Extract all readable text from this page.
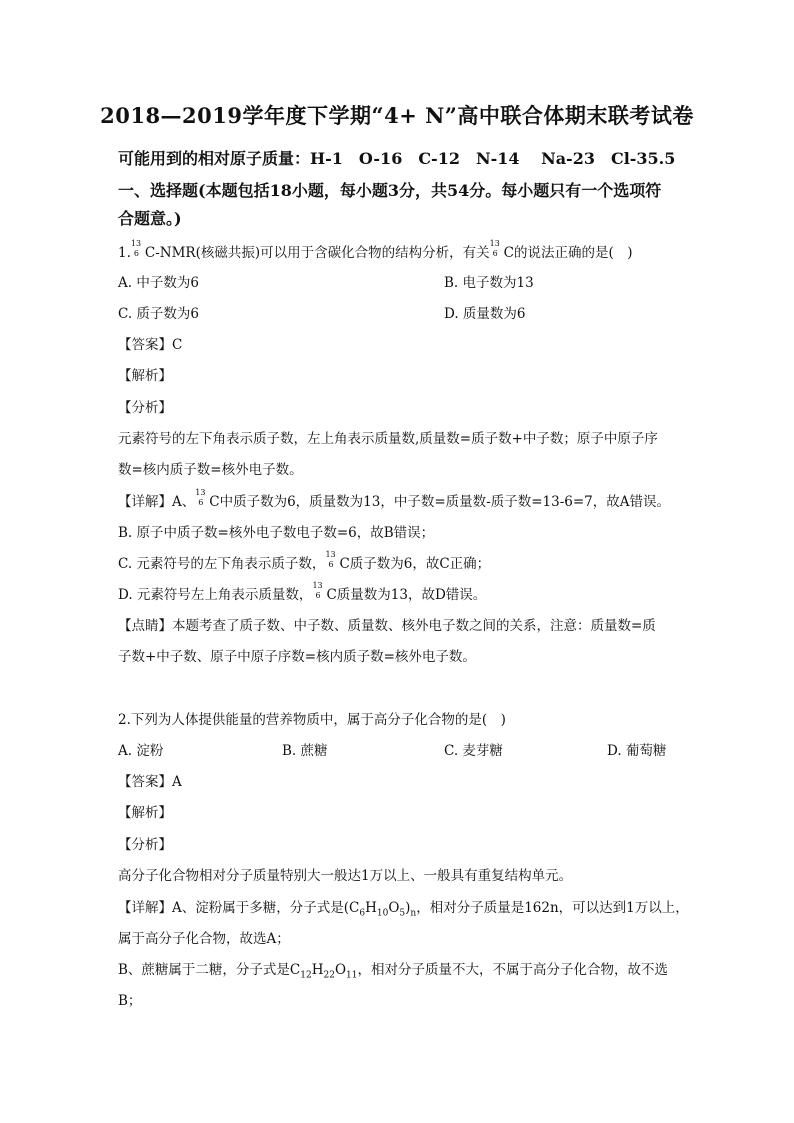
2018—2019学年度下学期“4+ N”高中联合体期末联考试卷
可能用到的相对原子质量：H-1　O-16　C-12　N-14　 Na-23　Cl-35.5
一、选择题(本题包括18小题，每小题3分，共54分。每小题只有一个选项符
合题意。)
1.
13
6 C-NMR(核磁共振)可以用于含碳化合物的结构分析，有关
13
6 C的说法正确的是(　)
A. 中子数为6	B. 电子数为13
C. 质子数为6	D. 质量数为6
【答案】C
【解析】
【分析】
元素符号的左下角表示质子数，左上角表示质量数,质量数=质子数+中子数；原子中原子序
数=核内质子数=核外电子数。
【详解】A、
13
6 C中质子数为6，质量数为13，中子数=质量数-质子数=13-6=7，故A错误。
B. 原子中质子数=核外电子数电子数=6，故B错误；
C. 元素符号的左下角表示质子数，
13
6 C质子数为6，故C正确；
D. 元素符号左上角表示质量数，
13
6 C质量数为13，故D错误。
【点睛】本题考查了质子数、中子数、质量数、核外电子数之间的关系，注意：质量数=质
子数+中子数、原子中原子序数=核内质子数=核外电子数。
2.下列为人体提供能量的营养物质中，属于高分子化合物的是(　)
A. 淀粉	B. 蔗糖	C. 麦芽糖	D. 葡萄糖
【答案】A
【解析】
【分析】
高分子化合物相对分子质量特别大一般达1万以上、一般具有重复结构单元。
【详解】A、淀粉属于多糖，分子式是$(C_6H_{10}O_5)_n$，相对分子质量是162n，可以达到1万以上，
属于高分子化合物，故选A；
B、蔗糖属于二糖，分子式是$C_{12}H_{22}O_{11}$，相对分子质量不大，不属于高分子化合物，故不选
B；
